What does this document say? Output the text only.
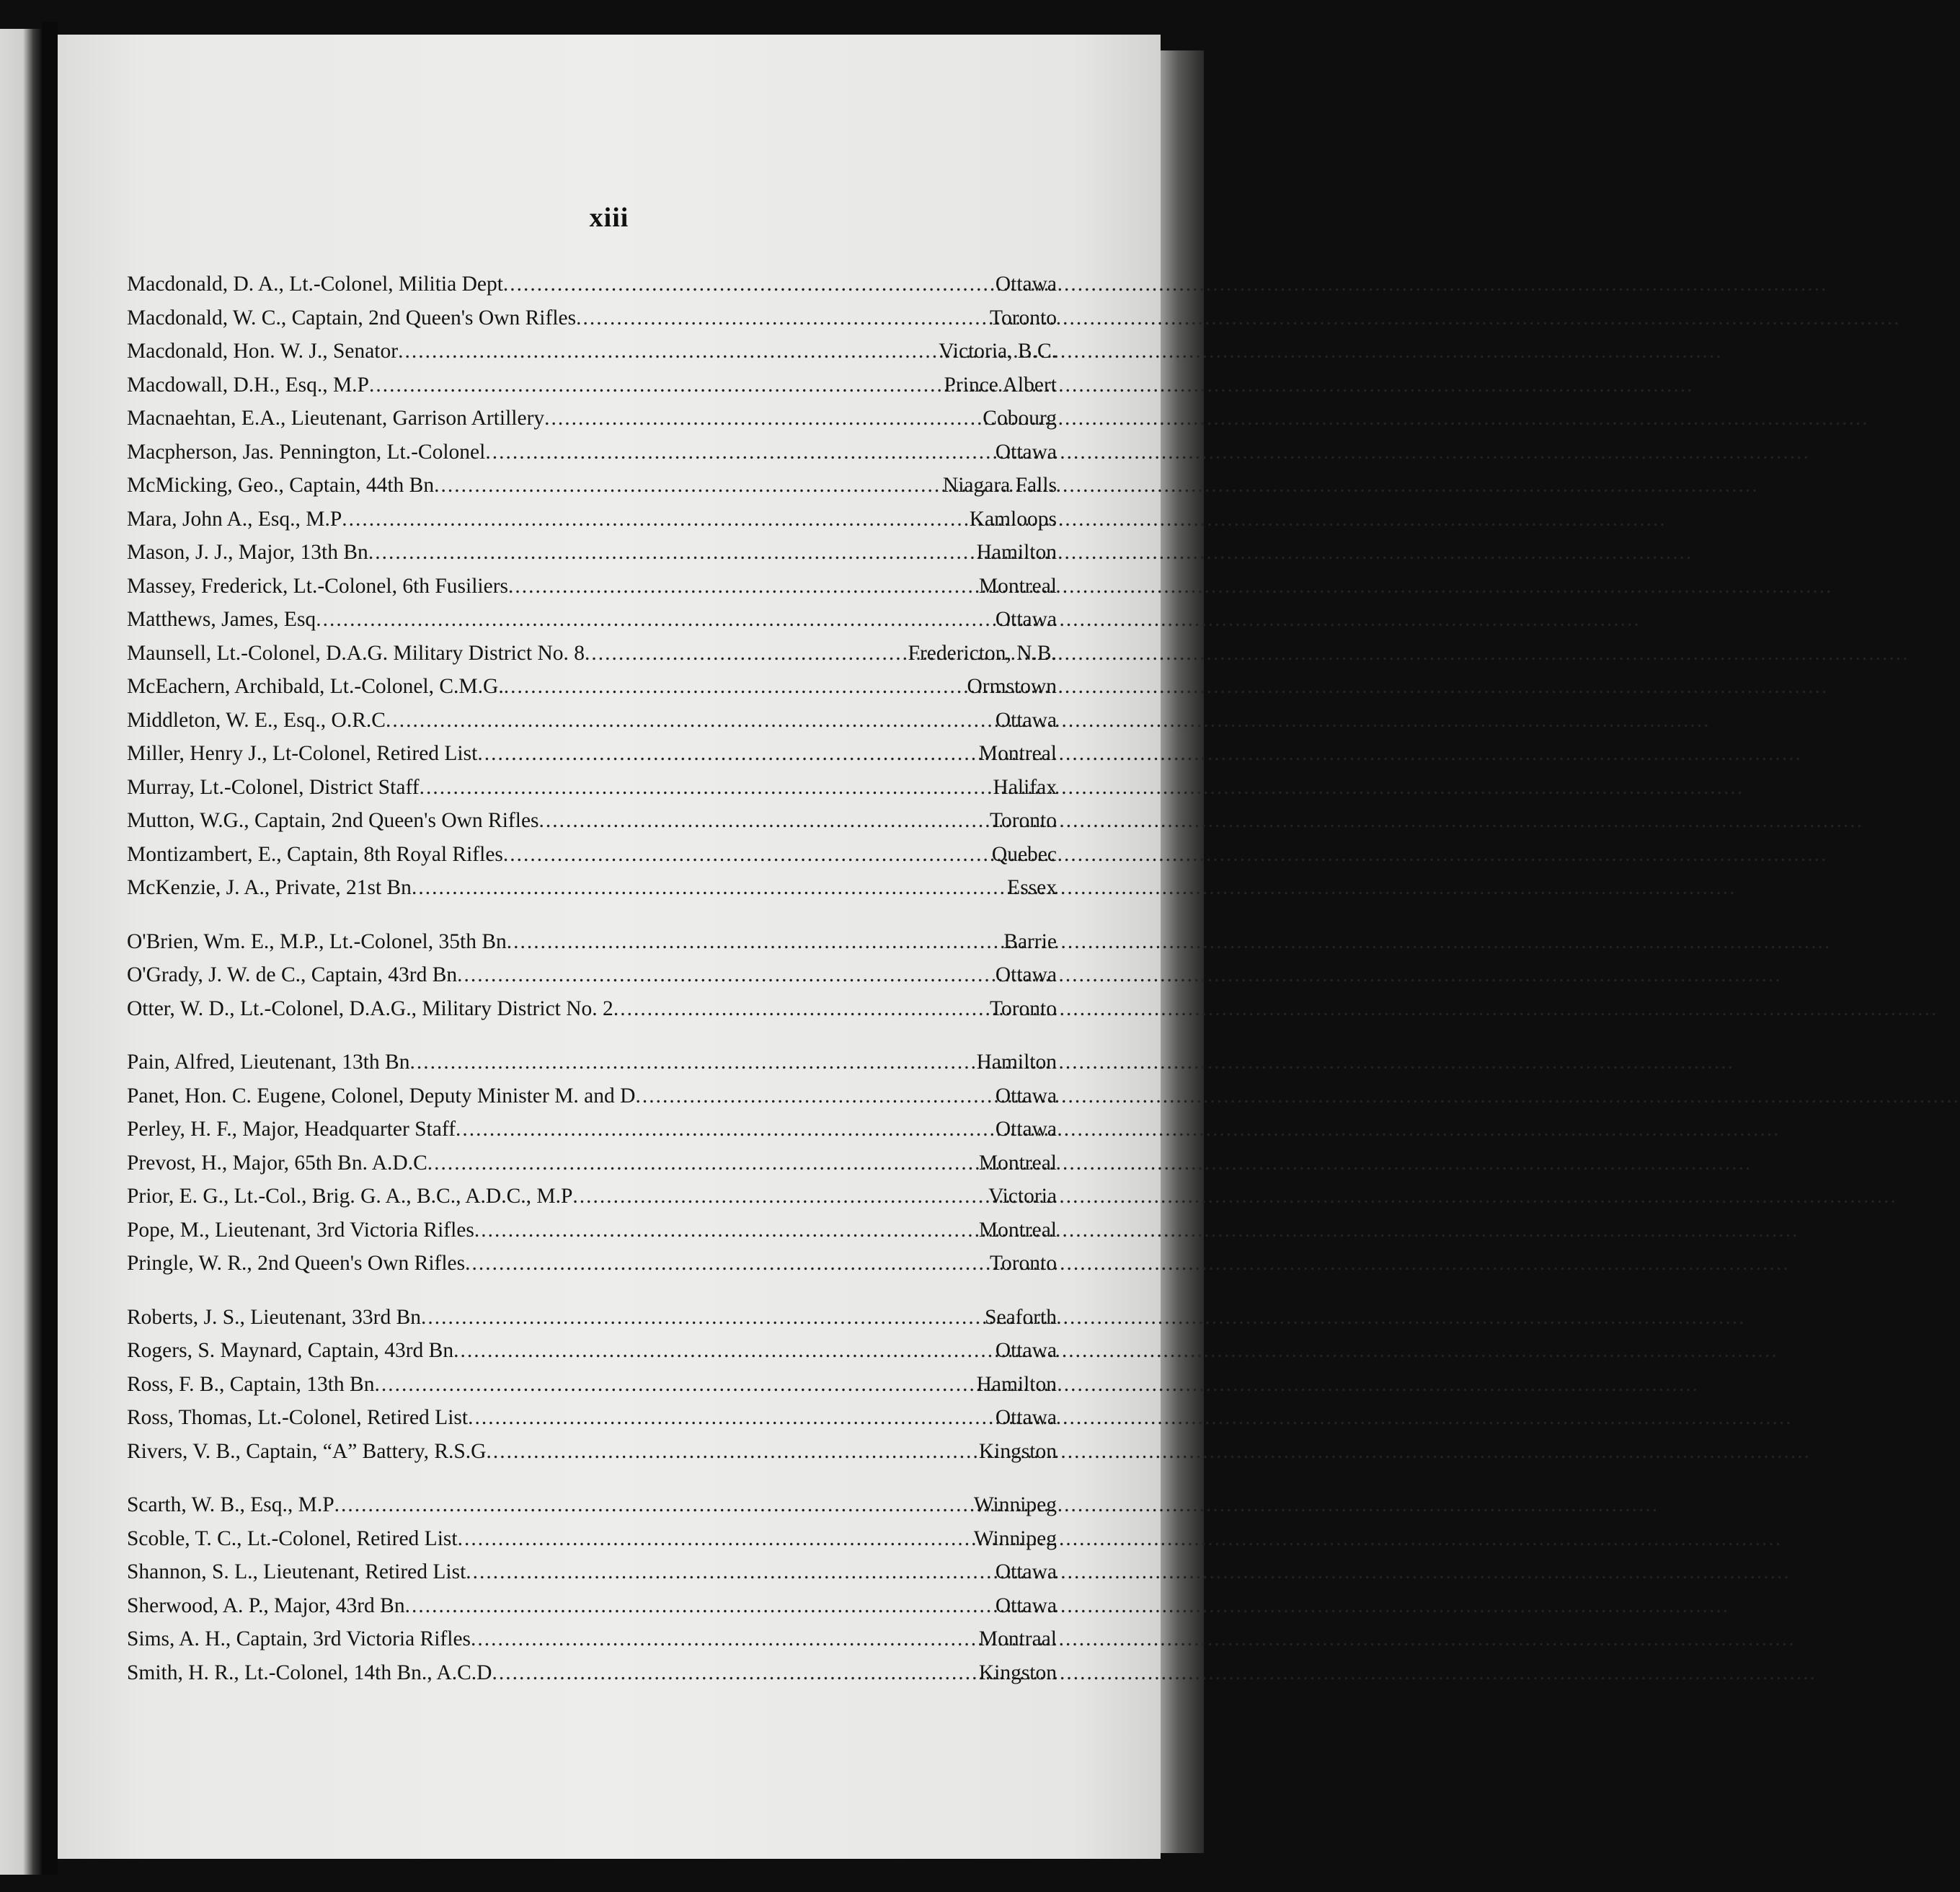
xiii
Macdonald, D. A., Lt.-Colonel, Militia Dept .....	Ottawa
Macdonald, W. C., Captain, 2nd Queen's Own Rifles .....	Toronto
Macdonald, Hon. W. J., Senator .....	Victoria, B.C.
Macdowall, D.H., Esq., M.P .....	Prince Albert
Macnaehtan, E.A., Lieutenant, Garrison Artillery .....	Cobourg
Macpherson, Jas. Pennington, Lt.-Colonel .....	Ottawa
McMicking, Geo., Captain, 44th Bn .....	Niagara Falls
Mara, John A., Esq., M.P .....	Kamloops
Mason, J. J., Major, 13th Bn .....	Hamilton
Massey, Frederick, Lt.-Colonel, 6th Fusiliers .....	Montreal
Matthews, James, Esq .....	Ottawa
Maunsell, Lt.-Colonel, D.A.G. Military District No. 8 .....	Fredericton, N.B.
McEachern, Archibald, Lt.-Colonel, C.M.G. .....	Ormstown
Middleton, W. E., Esq., O.R.C .....	Ottawa
Miller, Henry J., Lt-Colonel, Retired List .....	Montreal
Murray, Lt.-Colonel, District Staff .....	Halifax
Mutton, W.G., Captain, 2nd Queen's Own Rifles .....	Toronto
Montizambert, E., Captain, 8th Royal Rifles .....	Quebec
McKenzie, J. A., Private, 21st Bn .....	Essex
O'Brien, Wm. E., M.P., Lt.-Colonel, 35th Bn .....	Barrie
O'Grady, J. W. de C., Captain, 43rd Bn .....	Ottawa
Otter, W. D., Lt.-Colonel, D.A.G., Military District No. 2 .....	Toronto
Pain, Alfred, Lieutenant, 13th Bn .....	Hamilton
Panet, Hon. C. Eugene, Colonel, Deputy Minister M. and D .....	Ottawa
Perley, H. F., Major, Headquarter Staff .....	Ottawa
Prevost, H., Major, 65th Bn. A.D.C .....	Montreal
Prior, E. G., Lt.-Col., Brig. G. A., B.C., A.D.C., M.P .....	Victoria
Pope, M., Lieutenant, 3rd Victoria Rifles .....	Montreal
Pringle, W. R., 2nd Queen's Own Rifles .....	Toronto
Roberts, J. S., Lieutenant, 33rd Bn .....	Seaforth
Rogers, S. Maynard, Captain, 43rd Bn .....	Ottawa
Ross, F. B., Captain, 13th Bn .....	Hamilton
Ross, Thomas, Lt.-Colonel, Retired List .....	Ottawa
Rivers, V. B., Captain, “A” Battery, R.S.G .....	Kingston
Scarth, W. B., Esq., M.P .....	Winnipeg
Scoble, T. C., Lt.-Colonel, Retired List .....	Winnipeg
Shannon, S. L., Lieutenant, Retired List .....	Ottawa
Sherwood, A. P., Major, 43rd Bn .....	Ottawa
Sims, A. H., Captain, 3rd Victoria Rifles .....	Montraal
Smith, H. R., Lt.-Colonel, 14th Bn., A.C.D .....	Kingston
